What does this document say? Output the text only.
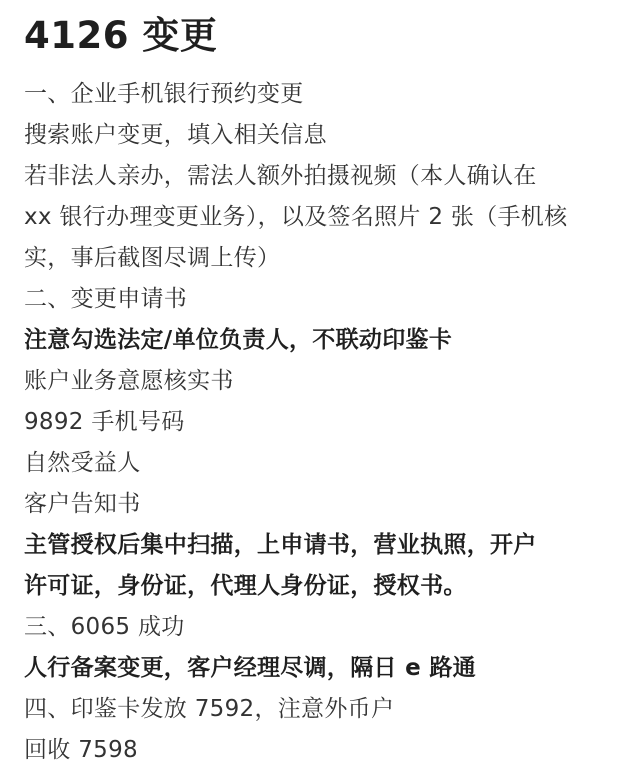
4126 变更
一、企业手机银行预约变更
搜索账户变更，填入相关信息
若非法人亲办，需法人额外拍摄视频（本人确认在
xx 银行办理变更业务），以及签名照片 2 张（手机核
实，事后截图尽调上传）
二、变更申请书
注意勾选法定/单位负责人，不联动印鉴卡
账户业务意愿核实书
9892 手机号码
自然受益人
客户告知书
主管授权后集中扫描，上申请书，营业执照，开户
许可证，身份证，代理人身份证，授权书。
三、6065 成功
人行备案变更，客户经理尽调，隔日 e 路通
四、印鉴卡发放 7592，注意外币户
回收 7598
